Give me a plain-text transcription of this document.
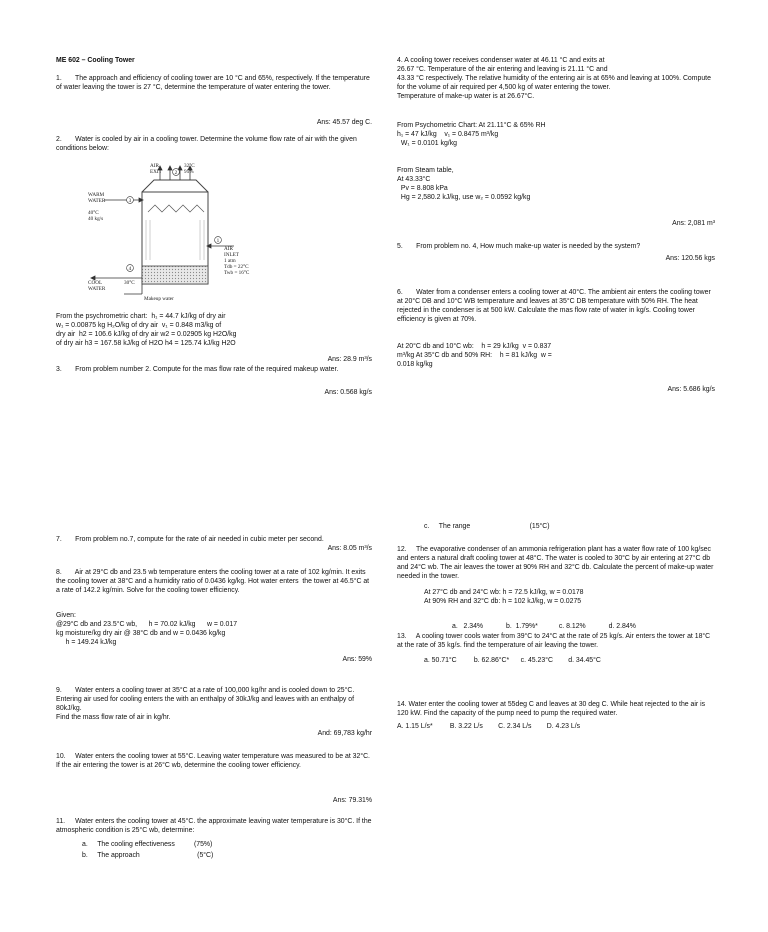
ME 602 – Cooling Tower
1.	The approach and efficiency of cooling tower are 10 °C and 65%, respectively. If the temperature of water leaving the tower is 27 °C, determine the temperature of water entering the tower.
Ans: 45.57 deg C.
2.	Water is cooled by air in a cooling tower. Determine the volume flow rate of air with the given conditions below:
3
2
1
4
AIR
EXIT
32°C
95%
WARM
WATER
40°C
40 kg/s
AIR
INLET
1 atm
Tdb = 22°C
Twb = 16°C
COOL
WATER
30°C
Makeup water
From the psychrometric chart:  h₁ = 44.7 kJ/kg of dry air
w₁ = 0.00875 kg H₂O/kg of dry air  v₁ = 0.848 m3/kg of
dry air  h2 = 106.6 kJ/kg of dry air w2 = 0.02905 kg H2O/kg
of dry air h3 = 167.58 kJ/kg of H2O h4 = 125.74 kJ/kg H2O
Ans: 28.9 m³/s
3.	From problem number 2. Compute for the mas flow rate of the required makeup water.
Ans: 0.568 kg/s
4. A cooling tower receives condenser water at 46.11 °C and exits at
26.67 °C. Temperature of the air entering and leaving is 21.11 °C and
43.33 °C respectively. The relative humidity of the entering air is at 65% and leaving at 100%. Compute for the volume of air required per 4,500 kg of water entering the tower.
Temperature of make-up water is at 26.67°C.
From Psychometric Chart: At 21.11°C & 65% RH
h₁ = 47 kJ/kg    v₁ = 0.8475 m³/kg
W₁ = 0.0101 kg/kg
From Steam table,
At 43.33°C
Pv = 8.808 kPa
Hg = 2,580.2 kJ/kg, use w₂ = 0.0592 kg/kg
Ans: 2,081 m³
5.	From problem no. 4, How much make-up water is needed by the system?
Ans: 120.56 kgs
6.	Water from a condenser enters a cooling tower at 40°C. The ambient air enters the cooling tower at 20°C DB and 10°C WB temperature and leaves at 35°C DB temperature with 50% RH. The heat rejected in the condenser is at 500 kW. Calculate the mas flow rate of water in kg/s. Cooling tower efficiency is given at 70%.
At 20°C db and 10°C wb:    h = 29 kJ/kg  v = 0.837
m³/kg At 35°C db and 50% RH:    h = 81 kJ/kg  w =
0.018 kg/kg
Ans: 5.686 kg/s
7.	From problem no.7, compute for the rate of air needed in cubic meter per second.
Ans: 8.05 m³/s
8.	Air at 29°C db and 23.5 wb temperature enters the cooling tower at a rate of 102 kg/min. It exits the cooling tower at 38°C and a humidity ratio of 0.0436 kg/kg. Hot water enters  the tower at 46.5°C at a rate of 142.2 kg/min. Solve for the cooling tower efficiency.
Given:
@29°C db and 23.5°C wb,      h = 70.02 kJ/kg      w = 0.017
kg moisture/kg dry air @ 38°C db and w = 0.0436 kg/kg
h = 149.24 kJ/kg
Ans: 59%
9.	Water enters a cooling tower at 35°C at a rate of 100,000 kg/hr and is cooled down to 25°C. Entering air used for cooling enters the with an enthalpy of 30kJ/kg and leaves with an enthalpy of 80kJ/kg.
Find the mass flow rate of air in kg/hr.
And: 69,783 kg/hr
10.	Water enters the cooling tower at 55°C. Leaving water temperature was measured to be at 32°C. If the air entering the tower is at 26°C wb, determine the cooling tower efficiency.
Ans: 79.31%
11.	Water enters the cooling tower at 45°C. the approximate leaving water temperature is 30°C. If the atmospheric condition is 25°C wb, determine:
a.     The cooling effectiveness          (75%)
b.     The approach                              (5°C)
c.     The range                               (15°C)
12.	The evaporative condenser of an ammonia refrigeration plant has a water flow rate of 100 kg/sec and enters a natural draft cooling tower at 48°C. The water is cooled to 30°C by air entering at 27°C db and 24°C wb. The air leaves the tower at 90% RH and 32°C db. Calculate the percent of make-up water needed in the tower.
At 27°C db and 24°C wb: h = 72.5 kJ/kg, w = 0.0178
At 90% RH and 32°C db: h = 102 kJ/kg, w = 0.0275
a.   2.34%            b.  1.79%*           c. 8.12%            d. 2.84%
13.	A cooling tower cools water from 39°C to 24°C at the rate of 25 kg/s. Air enters the tower at 18°C at the rate of 35 kg/s. find the temperature of air leaving the tower.
a. 50.71°C         b. 62.86°C*      c. 45.23°C        d. 34.45°C
14. Water enter the cooling tower at 55deg C and leaves at 30 deg C. While heat rejected to the air is 120 kW. Find the capacity of the pump need to pump the required water.
A. 1.15 L/s*         B. 3.22 L/s        C. 2.34 L/s        D. 4.23 L/s
